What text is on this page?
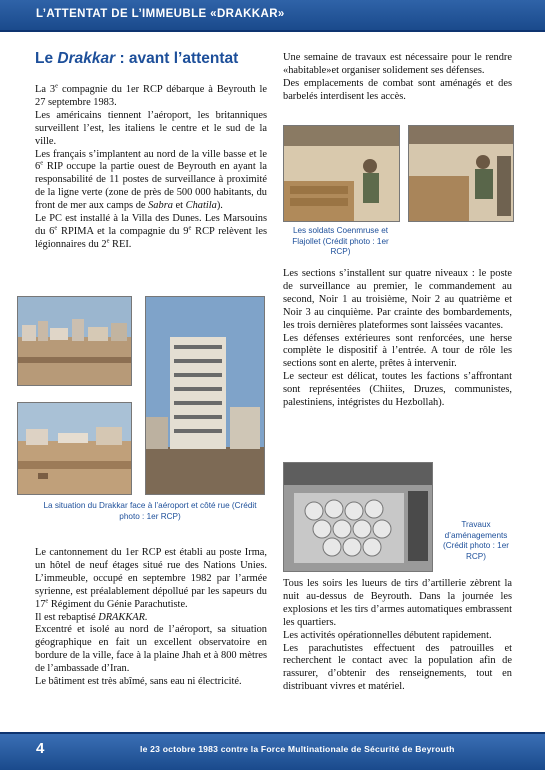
L’ATTENTAT DE L’IMMEUBLE «DRAKKAR»
Le Drakkar : avant l’attentat

La 3e compagnie du 1er RCP débarque à Beyrouth le 27 septembre 1983.

Les américains tiennent l’aéroport, les britanniques surveillent l’est, les italiens le centre et le sud de la ville.

Les français s’implantent au nord de la ville basse et le 6e RIP occupe la partie ouest de Beyrouth en ayant la responsabilité de 11 postes de surveillance à proximité de la ligne verte (zone de près de 500 000 habitants, du front de mer aux camps de Sabra et Chatila).

Le PC est installé à la Villa des Dunes. Les Marsouins du 6e RPIMA et la compagnie du 9e RCP relèvent les légionnaires du 2e REI.

La situation du Drakkar face à l’aéroport et côté rue (Crédit photo : 1er RCP)

Le cantonnement du 1er RCP est établi au poste Irma, un hôtel de neuf étages situé rue des Nations Unies. L’immeuble, occupé en septembre 1982 par l’armée syrienne, est préalablement dépollué par les sapeurs du 17e Régiment du Génie Parachutiste.

Il est rebaptisé DRAKKAR.

Excentré et isolé au nord de l’aéroport, sa situation géographique en fait un excellent observatoire en bordure de la ville, face à la plaine Jhah et à 800 mètres de l’ambassade d’Iran.

Le bâtiment est très abîmé, sans eau ni électricité.

Une semaine de travaux est nécessaire pour le rendre «habitable»et organiser solidement ses défenses.

Des emplacements de combat sont aménagés et des barbelés interdisent les accès.

Les soldats Coenmruse et Flajollet (Crédit photo : 1er RCP)

Les sections s’installent sur quatre niveaux : le poste de surveillance au premier, le commandement au second, Noir 1 au troisième, Noir 2 au quatrième et Noir 3 au cinquième. Par crainte des bombardements, les trois dernières plateformes sont laissées vacantes.

Les défenses extérieures sont renforcées, une herse complète le dispositif à l’entrée. A tour de rôle les sections sont en alerte, prêtes à intervenir.

Le secteur est délicat, toutes les factions s’affrontant sont représentées (Chiites, Druzes, communistes, palestiniens, intégristes du Hezbollah).

Travaux d’aménagements (Crédit photo : 1er RCP)

Tous les soirs les lueurs de tirs d’artillerie zèbrent la nuit au-dessus de Beyrouth. Dans la journée les explosions et les tirs d’armes automatiques embrassent les quartiers.

Les activités opérationnelles débutent rapidement.

Les parachutistes effectuent des patrouilles et recherchent le contact avec la population afin de rassurer, d’obtenir des renseignements, tout en distribuant vivres et matériel.

4	le 23 octobre 1983 contre la Force Multinationale de Sécurité de Beyrouth
